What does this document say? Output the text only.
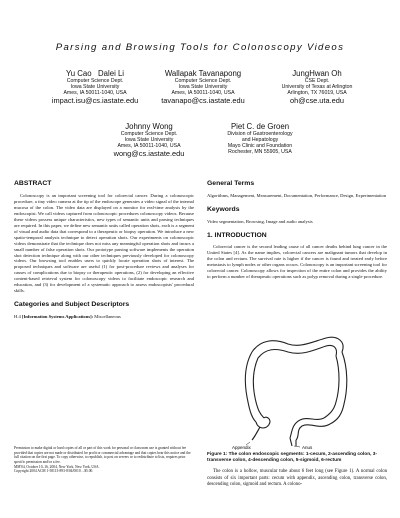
Parsing and Browsing Tools for Colonoscopy Videos
Yu Cao   Dalei Li
Computer Science Dept.
Iowa State University
Ames, IA 50011-1040, USA
impact.isu@cs.iastate.edu
Wallapak Tavanapong
Computer Science Dept.
Iowa State University
Ames, IA 50011-1040, USA
tavanapo@cs.iastate.edu
JungHwan Oh
CSE Dept.
University of Texas at Arlington
Arlington, TX 76019, USA
oh@cse.uta.edu
Johnny Wong
Computer Science Dept.
Iowa State University
Ames, IA 50011-1040, USA
wong@cs.iastate.edu
Piet C. de Groen
Division of Gastroenterology
and Hepatology
Mayo Clinic and Foundation
Rochester, MN 55905, USA
ABSTRACT

Colonoscopy is an important screening tool for colorectal cancer. During a colonoscopic procedure, a tiny video camera at the tip of the endoscope generates a video signal of the internal mucosa of the colon. The video data are displayed on a monitor for real-time analysis by the endoscopist. We call videos captured from colonoscopic procedures colonoscopy videos. Because these videos possess unique characteristics, new types of semantic units and parsing techniques are required. In this paper, we define new semantic units called operation shots, each is a segment of visual and audio data that correspond to a therapeutic or biopsy operation. We introduce a new spatio-temporal analysis technique to detect operation shots. Our experiments on colonoscopic videos demonstrate that the technique does not miss any meaningful operation shots and incurs a small number of false operation shots. Our prototype parsing software implements the operation shot detection technique along with our other techniques previously developed for colonoscopy videos. Our browsing tool enables users to quickly locate operation shots of interest. The proposed techniques and software are useful (1) for post-procedure reviews and analyses for causes of complications due to biopsy or therapeutic operations, (2) for developing an effective content-based retrieval system for colonoscopy videos to facilitate endoscopic research and education, and (3) for development of a systematic approach to assess endoscopists' procedural skills.

Categories and Subject Descriptors

H.4 [Information Systems Applications]: Miscellaneous

Permission to make digital or hard copies of all or part of this work for personal or classroom use is granted without fee provided that copies are not made or distributed for profit or commercial advantage and that copies bear this notice and the full citation on the first page. To copy otherwise, to republish, to post on servers or to redistribute to lists, requires prior specific permission and/or a fee.
MM'04, October 10–16, 2004, New York, New York, USA.
Copyright 2004 ACM 1-58113-893-8/04/0010 ...$5.00.
General Terms

Algorithms, Management, Measurement, Documentation, Performance, Design, Experimentation

Keywords

Video segmentation, Browsing, Image and audio analysis

1. INTRODUCTION

Colorectal cancer is the second leading cause of all cancer deaths behind lung cancer in the United States [4]. As the name implies, colorectal cancers are malignant tumors that develop in the colon and rectum. The survival rate is higher if the cancer is found and treated early before metastasis to lymph nodes or other organs occurs. Colonoscopy is an important screening tool for colorectal cancer. Colonoscopy allows for inspection of the entire colon and provides the ability to perform a number of therapeutic operations such as polyp removal during a single procedure.

Appendix	Anus
Figure 1: The colon endoscopic segments: 1-cecum, 2-ascending colon, 3-transverse colon, 4-descending colon, 5-sigmoid, 6-rectum
The colon is a hollow, muscular tube about 6 feet long (see Figure 1). A normal colon consists of six important parts: cecum with appendix, ascending colon, transverse colon, descending colon, sigmoid and rectum. A colono-
